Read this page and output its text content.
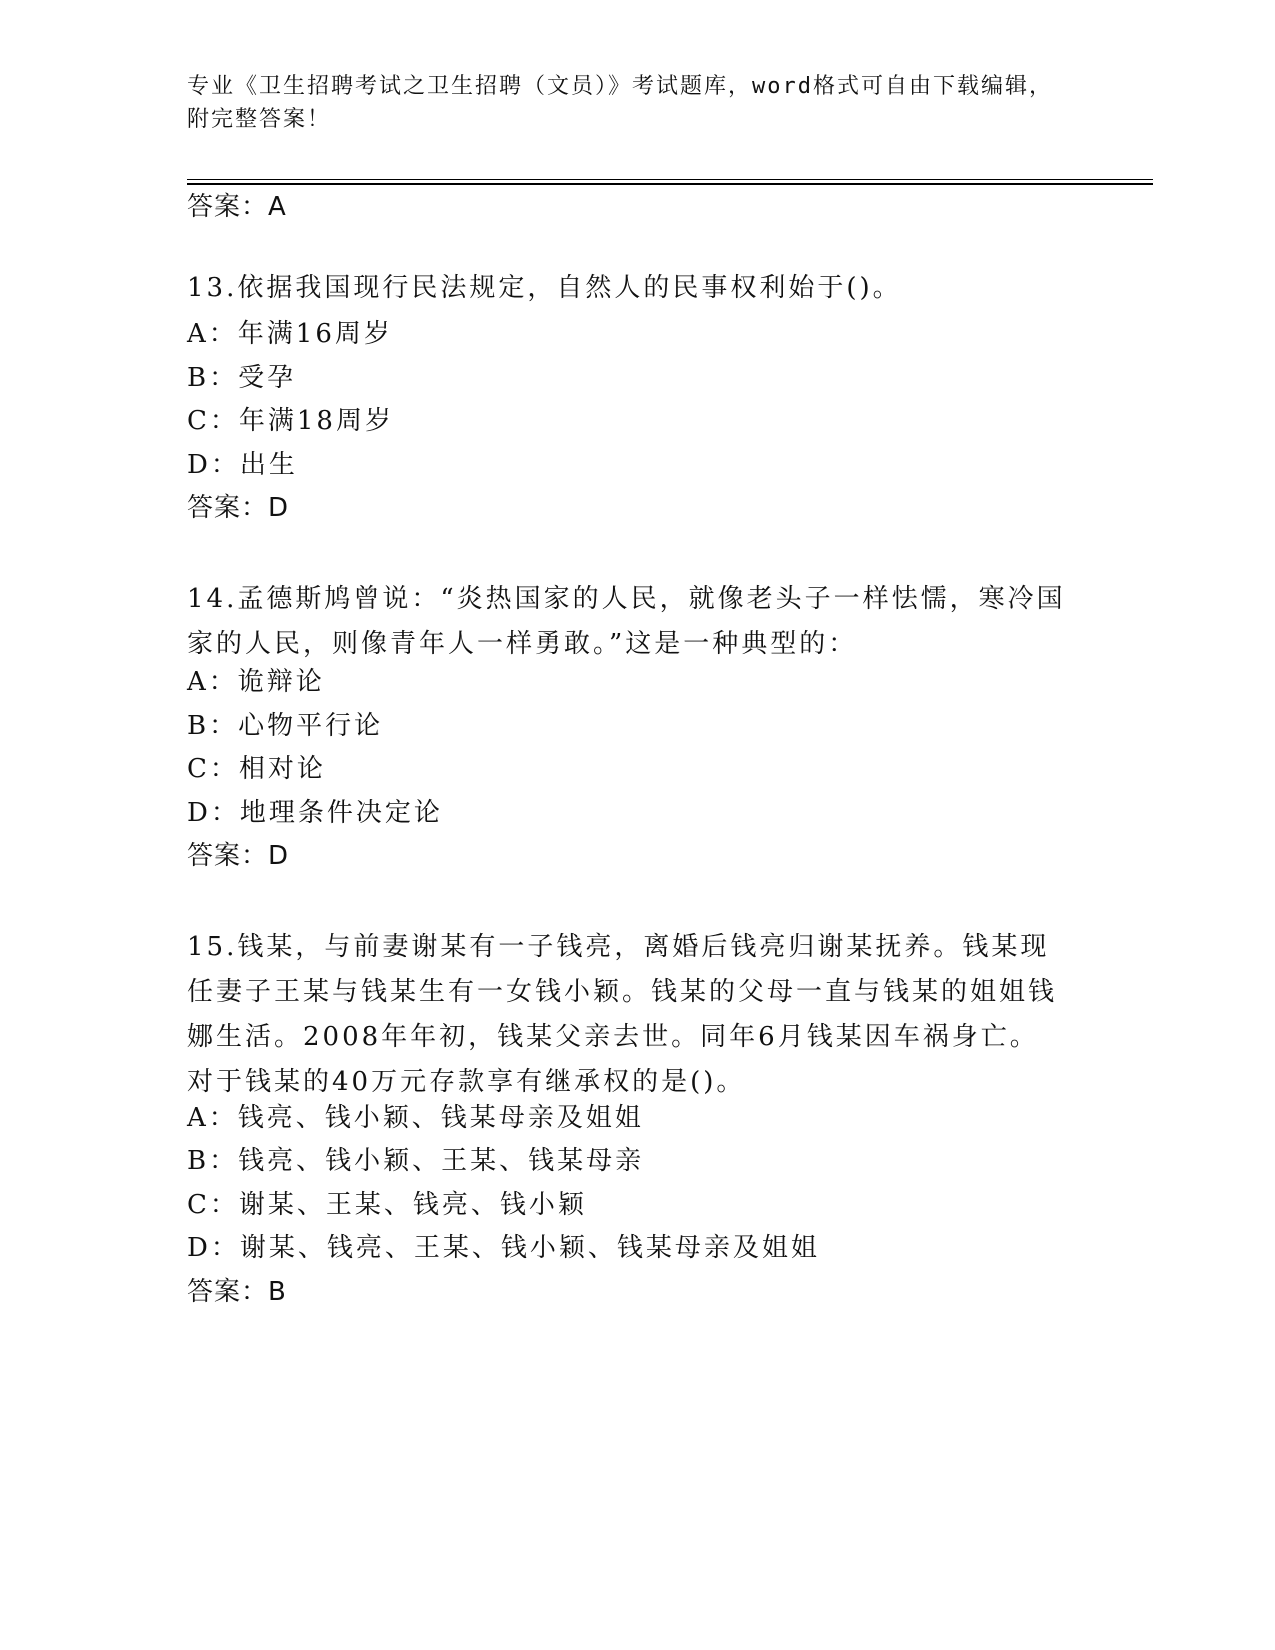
专业《卫生招聘考试之卫生招聘（文员）》考试题库，word格式可自由下载编辑，附完整答案！
答案：A
13.依据我国现行民法规定，自然人的民事权利始于()。
A：年满16周岁
B：受孕
C：年满18周岁
D：出生
答案：D
14.孟德斯鸠曾说：“炎热国家的人民，就像老头子一样怯懦，寒冷国家的人民，则像青年人一样勇敢。”这是一种典型的：
A：诡辩论
B：心物平行论
C：相对论
D：地理条件决定论
答案：D
15.钱某，与前妻谢某有一子钱亮，离婚后钱亮归谢某抚养。钱某现任妻子王某与钱某生有一女钱小颖。钱某的父母一直与钱某的姐姐钱娜生活。2008年年初，钱某父亲去世。同年6月钱某因车祸身亡。对于钱某的40万元存款享有继承权的是()。
A：钱亮、钱小颖、钱某母亲及姐姐
B：钱亮、钱小颖、王某、钱某母亲
C：谢某、王某、钱亮、钱小颖
D：谢某、钱亮、王某、钱小颖、钱某母亲及姐姐
答案：B
